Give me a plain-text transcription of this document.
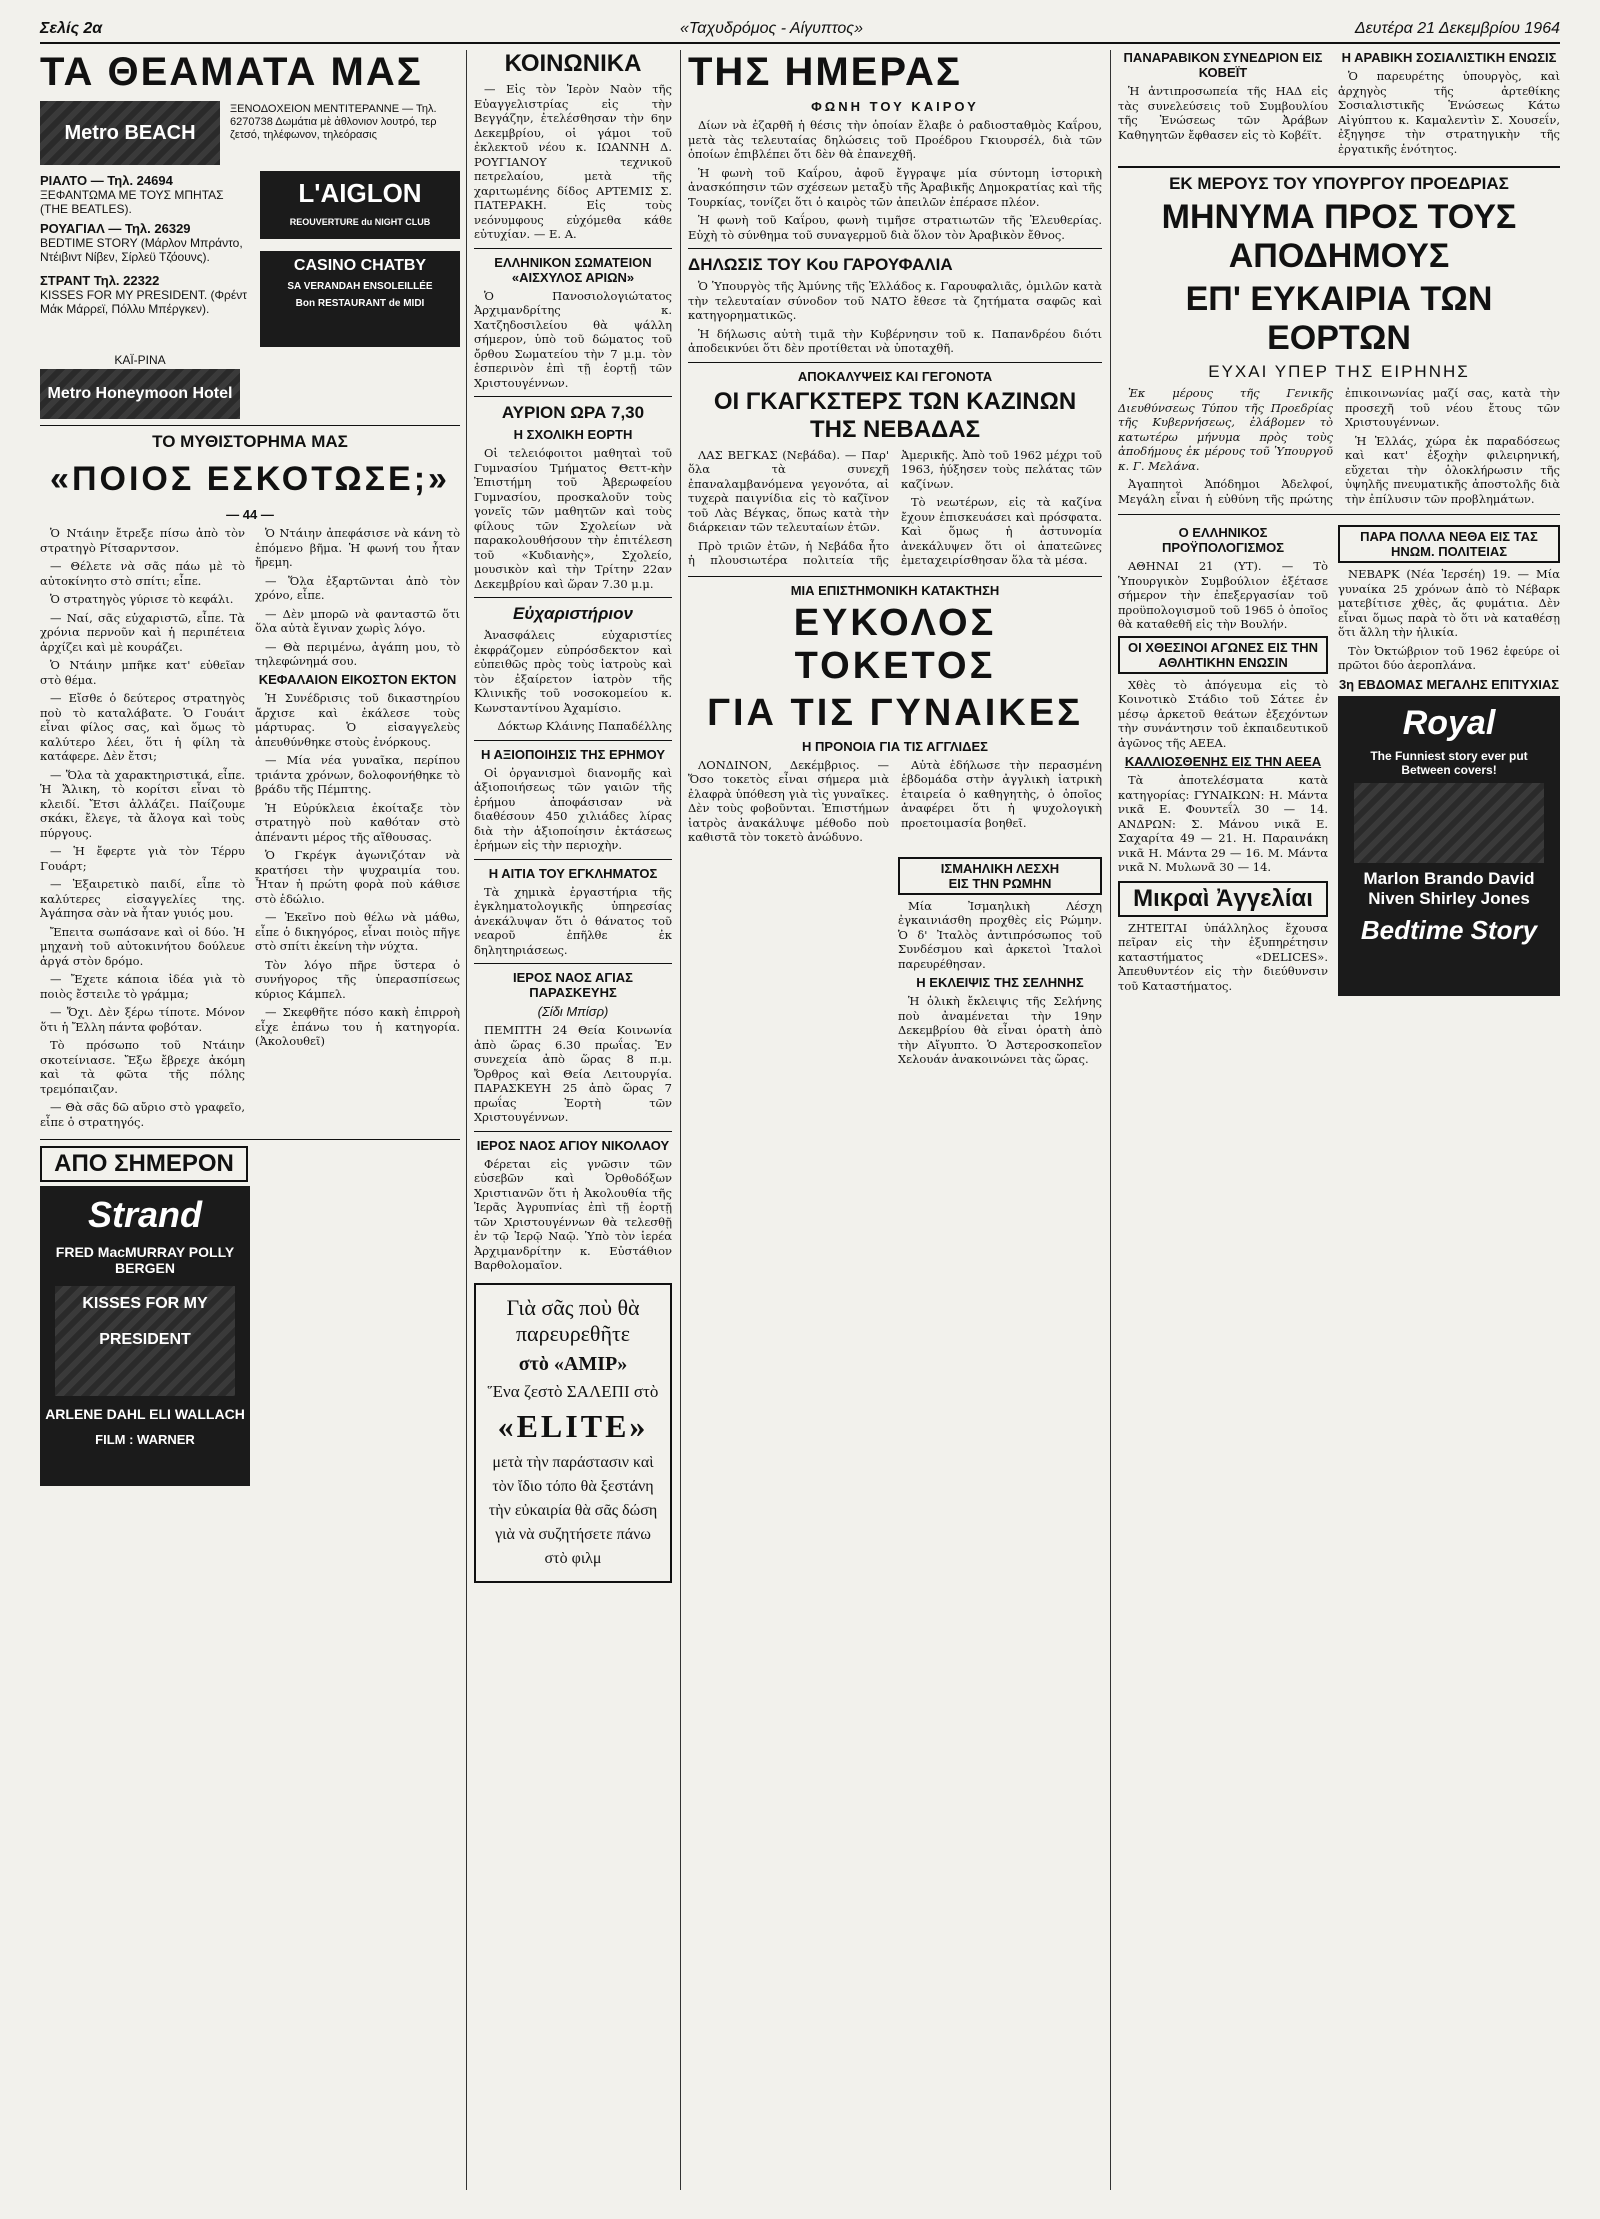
Σελίς 2α	«Ταχυδρόμος - Αίγυπτος»	Δευτέρα 21 Δεκεμβρίου 1964
ΤΑ ΘΕΑΜΑΤΑ ΜΑΣ
Metro BEACH
ΞΕΝΟΔΟΧΕΙΟΝ ΜΕΝΤΙΤΕΡΑΝΝΕ — Τηλ. 6270738 Δωμάτια μὲ ἀθλονιον λουτρό, τερ ζετσό, τηλέφωνον, τηλεόρασις
ΡΙΑΛΤΟ — Τηλ. 24694
ΞΕΦΑΝΤΩΜΑ ΜΕ ΤΟΥΣ ΜΠΗΤΑΣ (THE BEATLES).
L'AIGLON
REOUVERTURE du NIGHT CLUB
ΡΟΥΑΓΙΑΛ — Τηλ. 26329
BEDTIME STORY (Μάρλον Μπράντο, Ντέιβιντ Νίβεν, Σίρλεϋ Τζόουνς).
ΣΤΡΑΝΤ Τηλ. 22322
KISSES FOR MY PRESIDENT. (Φρέντ Μάκ Μάρρεϊ, Πόλλυ Μπέργκεν).
CASINO CHATBY
SA VERANDAH ENSOLEILLÉE
Bon RESTAURANT de MIDI
ΚΑΪ-ΡΙΝΑ
Metro Honeymoon Hotel
ΤΟ ΜΥΘΙΣΤΟΡΗΜΑ ΜΑΣ
«ΠΟΙΟΣ ΕΣΚΟΤΩΣΕ;»
— 44 —

Ὁ Ντάιην ἔτρεξε πίσω ἀπὸ τὸν στρατηγὸ Ρίτσαρντσον.

— Θέλετε νὰ σᾶς πάω μὲ τὸ αὐτοκίνητο στὸ σπίτι; εἶπε.

Ὁ στρατηγὸς γύρισε τὸ κεφάλι.

— Ναί, σᾶς εὐχαριστῶ, εἶπε. Τὰ χρόνια περνοῦν καὶ ἡ περιπέτεια ἀρχίζει καὶ μὲ κουράζει.

Ὁ Ντάιην μπῆκε κατ' εὐθεῖαν στὸ θέμα.

— Εἴσθε ὁ δεύτερος στρατηγὸς ποὺ τὸ καταλάβατε. Ὁ Γουάιτ εἶναι φίλος σας, καὶ ὅμως τὸ καλύτερο λέει, ὅτι ἡ φίλη τὰ κατάφερε. Δὲν ἔτσι;

— Ὅλα τὰ χαρακτηριστικά, εἶπε. Ἡ Ἄλικη, τὸ κορίτσι εἶναι τὸ κλειδί. Ἔτσι ἀλλάζει. Παίζουμε σκάκι, ἔλεγε, τὰ ἄλογα καὶ τοὺς πύργους.

— Ἡ ἔφερτε γιὰ τὸν Τέρρυ Γουάρτ;

— Ἐξαιρετικὸ παιδί, εἶπε τὸ καλύτερες εἰσαγγελίες της. Ἀγάπησα σὰν νὰ ἦταν γυιός μου.

Ἔπειτα σωπάσανε καὶ οἱ δύο. Ἡ μηχανὴ τοῦ αὐτοκινήτου δούλευε ἀργά στὸν δρόμο.

— Ἔχετε κάποια ἰδέα γιὰ τὸ ποιὸς ἔστειλε τὸ γράμμα;

— Ὄχι. Δὲν ξέρω τίποτε. Μόνον ὅτι ἡ Ἔλλη πάντα φοβόταν.

Τὸ πρόσωπο τοῦ Ντάιην σκοτείνιασε. Ἔξω ἔβρεχε ἀκόμη καὶ τὰ φῶτα τῆς πόλης τρεμόπαιζαν.

— Θὰ σᾶς δῶ αὔριο στὸ γραφεῖο, εἶπε ὁ στρατηγός.

Ὁ Ντάιην ἀπεφάσισε νὰ κάνη τὸ ἐπόμενο βῆμα. Ἡ φωνή του ἦταν ἤρεμη.

— Ὅλα ἐξαρτῶνται ἀπὸ τὸν χρόνο, εἶπε.

— Δὲν μπορῶ νὰ φανταστῶ ὅτι ὅλα αὐτὰ ἔγιναν χωρὶς λόγο.

— Θὰ περιμένω, ἀγάπη μου, τὸ τηλεφώνημά σου.

ΚΕΦΑΛΑΙΟΝ ΕΙΚΟΣΤΟΝ ΕΚΤΟΝ

Ἡ Συνέδρισις τοῦ δικαστηρίου ἄρχισε καὶ ἐκάλεσε τοὺς μάρτυρας. Ὁ εἰσαγγελεὺς ἀπευθύνθηκε στοὺς ἐνόρκους.

— Μία νέα γυναῖκα, περίπου τριάντα χρόνων, δολοφονήθηκε τὸ βράδυ τῆς Πέμπτης.

Ἡ Εὐρύκλεια ἐκοίταξε τὸν στρατηγὸ ποὺ καθόταν στὸ ἀπέναντι μέρος τῆς αἴθουσας.

Ὁ Γκρέγκ ἀγωνιζόταν νὰ κρατήσει τὴν ψυχραιμία του. Ἦταν ἡ πρώτη φορὰ ποὺ κάθισε στὸ ἑδώλιο.

— Ἐκεῖνο ποὺ θέλω νὰ μάθω, εἶπε ὁ δικηγόρος, εἶναι ποιὸς πῆγε στὸ σπίτι ἐκείνη τὴν νύχτα.

Τὸν λόγο πῆρε ὕστερα ὁ συνήγορος τῆς ὑπερασπίσεως κύριος Κάμπελ.

— Σκεφθῆτε πόσο κακὴ ἐπιρροὴ εἶχε ἐπάνω του ἡ κατηγορία. (Ἀκολουθεῖ)

ΑΠΟ ΣΗΜΕΡΟΝ
Strand
FRED MacMURRAY POLLY BERGEN
KISSES FOR MY PRESIDENT
ARLENE DAHL ELI WALLACH
FILM : WARNER
ΚΟΙΝΩΝΙΚΑ

— Εἰς τὸν Ἱερὸν Ναὸν τῆς Εὐαγγελιστρίας εἰς τὴν Βεγγάζην, ἐτελέσθησαν τὴν 6ην Δεκεμβρίου, οἱ γάμοι τοῦ ἐκλεκτοῦ νέου κ. ΙΩΑΝΝΗ Δ. ΡΟΥΓΙΑΝΟΥ τεχνικοῦ πετρελαίου, μετὰ τῆς χαριτωμένης δίδος ΑΡΤΕΜΙΣ Σ. ΠΑΤΕΡΑΚΗ. Εἰς τοὺς νεόνυμφους εὐχόμεθα κάθε εὐτυχίαν. — Ε. Α.

ΕΛΛΗΝΙΚΟΝ ΣΩΜΑΤΕΙΟΝ «ΑΙΣΧΥΛΟΣ ΑΡΙΩΝ»

Ὁ Πανοσιολογιώτατος Ἀρχιμανδρίτης κ. Χατζηδοσιλείου θὰ ψάλλη σήμερον, ὑπὸ τοῦ δώματος τοῦ ὄρθου Σωματείου τὴν 7 μ.μ. τὸν ἑσπερινὸν ἐπὶ τῇ ἑορτῇ τῶν Χριστουγέννων.

ΑΥΡΙΟΝ ΩΡΑ 7,30
Η ΣΧΟΛΙΚΗ ΕΟΡΤΗ

Οἱ τελειόφοιτοι μαθηταὶ τοῦ Γυμνασίου Τμήματος Θεττ-κὴν Ἐπιστήμη τοῦ Ἀβερωφείου Γυμνασίου, προσκαλοῦν τοὺς γονεῖς τῶν μαθητῶν καὶ τοὺς φίλους τῶν Σχολείων νὰ παρακολουθήσουν τὴν ἐπιτέλεση τοῦ «Κυδιανὴς», Σχολείο, μουσικὸν καὶ τὴν Τρίτην 22αν Δεκεμβρίου καὶ ὥραν 7.30 μ.μ.

Εὐχαριστήριον

Ἀνασφάλεις εὐχαριστίες ἐκφράζομεν εὐπρόσδεκτον καὶ εὐπειθῶς πρὸς τοὺς ἰατροὺς καὶ τὸν ἐξαίρετον ἰατρὸν τῆς Κλινικῆς τοῦ νοσοκομείου κ. Κωνσταντίνου Ἀχαμίσιο.

Δόκτωρ Κλάινης Παπαδέλλης

Η ΑΞΙΟΠΟΙΗΣΙΣ ΤΗΣ ΕΡΗΜΟΥ

Οἱ ὀργανισμοὶ διανομῆς καὶ ἀξιοποιήσεως τῶν γαιῶν τῆς ἐρήμου ἀποφάσισαν νὰ διαθέσουν 450 χιλιάδες λίρας διὰ τὴν ἀξιοποίησιν ἐκτάσεως ἐρήμων εἰς τὴν περιοχὴν.

Η ΑΙΤΙΑ ΤΟΥ ΕΓΚΛΗΜΑΤΟΣ

Τὰ χημικὰ ἐργαστήρια τῆς ἐγκληματολογικῆς ὑπηρεσίας ἀνεκάλυψαν ὅτι ὁ θάνατος τοῦ νεαροῦ ἐπῆλθε ἐκ δηλητηριάσεως.

ΙΕΡΟΣ ΝΑΟΣ ΑΓΙΑΣ ΠΑΡΑΣΚΕΥΗΣ
(Σίδι Μπίσρ)

ΠΕΜΠΤΗ 24 Θεία Κοινωνία ἀπὸ ὥρας 6.30 πρωΐας. Ἐν συνεχεία ἀπὸ ὥρας 8 π.μ. Ὄρθρος καὶ Θεία Λειτουργία. ΠΑΡΑΣΚΕΥΗ 25 ἀπὸ ὥρας 7 πρωΐας Ἑορτὴ τῶν Χριστουγέννων.

ΙΕΡΟΣ ΝΑΟΣ ΑΓΙΟΥ ΝΙΚΟΛΑΟΥ

Φέρεται εἰς γνῶσιν τῶν εὐσεβῶν καὶ Ὀρθοδόξων Χριστιανῶν ὅτι ἡ Ἀκολουθία τῆς Ἱερᾶς Ἀγρυπνίας ἐπὶ τῇ ἑορτῇ τῶν Χριστουγέννων θὰ τελεσθῇ ἐν τῷ Ἱερῷ Ναῷ. Ὑπὸ τὸν ἱερέα Ἀρχιμανδρίτην κ. Εὐστάθιον Βαρθολομαῖον.

Γιὰ σᾶς ποὺ θὰ παρευρεθῆτε
στὸ «ΑΜΙΡ»
Ἕνα ζεστὸ ΣΑΛΕΠΙ στὸ
«ELITE»
μετὰ τὴν παράστασιν καὶ τὸν ἴδιο τόπο θὰ ξεστάνη τὴν εὐκαιρία θὰ σᾶς δώση γιὰ νὰ συζητήσετε πάνω στὸ φιλμ
ΤΗΣ ΗΜΕΡΑΣ
ΦΩΝΗ ΤΟΥ ΚΑΙΡΟΥ

Δίων νὰ ἐζαρθῆ ἡ θέσις τὴν ὁποίαν ἔλαβε ὁ ραδιοσταθμὸς Καΐρου, μετὰ τὰς τελευταίας δηλώσεις τοῦ Προέδρου Γκιουρσέλ, διὰ τῶν ὁποίων ἐπιβλέπει ὅτι δὲν θὰ ἐπανεχθῆ.

Ἡ φωνὴ τοῦ Καΐρου, ἀφοῦ ἔγγραψε μία σύντομη ἱστορικὴ ἀνασκόπησιν τῶν σχέσεων μεταξὺ τῆς Ἀραβικῆς Δημοκρατίας καὶ τῆς Τουρκίας, τονίζει ὅτι ὁ καιρὸς τῶν ἀπειλῶν ἐπέρασε πλέον.

Ἡ φωνὴ τοῦ Καΐρου, φωνὴ τιμῆσε στρατιωτῶν τῆς Ἐλευθερίας. Εὐχὴ τὸ σύνθημα τοῦ συναγερμοῦ διὰ ὅλον τὸν Ἀραβικὸν ἔθνος.

ΔΗΛΩΣΙΣ ΤΟΥ Κου ΓΑΡΟΥΦΑΛΙΑ

Ὁ Ὑπουργὸς τῆς Ἀμύνης τῆς Ἑλλάδος κ. Γαρουφαλιᾶς, ὁμιλῶν κατὰ τὴν τελευταίαν σύνοδον τοῦ ΝΑΤΟ ἔθεσε τὰ ζητήματα σαφῶς καὶ κατηγορηματικῶς.

Ἡ δήλωσις αὐτὴ τιμᾶ τὴν Κυβέρνησιν τοῦ κ. Παπανδρέου διότι ἀποδεικνύει ὅτι δὲν προτίθεται νὰ ὑποταχθῆ.

ΑΠΟΚΑΛΥΨΕΙΣ ΚΑΙ ΓΕΓΟΝΟΤΑ
ΟΙ ΓΚΑΓΚΣΤΕΡΣ ΤΩΝ ΚΑΖΙΝΩΝ ΤΗΣ ΝΕΒΑΔΑΣ

ΛΑΣ ΒΕΓΚΑΣ (Νεβάδα). — Παρ' ὅλα τὰ συνεχῆ ἐπαναλαμβανόμενα γεγονότα, αἱ τυχερὰ παιγνίδια εἰς τὸ καζῖνον τοῦ Λὰς Βέγκας, ὅπως κατὰ τὴν διάρκειαν τῶν τελευταίων ἐτῶν.

Πρὸ τριῶν ἐτῶν, ἡ Νεβάδα ἦτο ἡ πλουσιωτέρα πολιτεία τῆς Ἀμερικῆς. Ἀπὸ τοῦ 1962 μέχρι τοῦ 1963, ἠύξησεν τοὺς πελάτας τῶν καζίνων.

Τὸ νεωτέρων, εἰς τὰ καζίνα ἔχουν ἐπισκευάσει καὶ πρόσφατα. Καὶ ὅμως ἡ ἀστυνομία ἀνεκάλυψεν ὅτι οἱ ἀπατεῶνες ἐμεταχειρίσθησαν ὅλα τὰ μέσα.

ΜΙΑ ΕΠΙΣΤΗΜΟΝΙΚΗ ΚΑΤΑΚΤΗΣΗ
ΕΥΚΟΛΟΣ ΤΟΚΕΤΟΣ
ΓΙΑ ΤΙΣ ΓΥΝΑΙΚΕΣ
Η ΠΡΟΝΟΙΑ ΓΙΑ ΤΙΣ ΑΓΓΛΙΔΕΣ

ΛΟΝΔΙΝΟΝ, Δεκέμβριος. — Ὅσο τοκετὸς εἶναι σήμερα μιὰ ἐλαφρὰ ὑπόθεση γιὰ τὶς γυναῖκες. Δὲν τοὺς φοβοῦνται. Ἐπιστήμων ἰατρὸς ἀνακάλυψε μέθοδο ποὺ καθιστᾶ τὸν τοκετὸ ἀνώδυνο.

Αὐτὰ ἐδήλωσε τὴν περασμένη ἑβδομάδα στὴν ἀγγλικὴ ἰατρικὴ ἑταιρεία ὁ καθηγητὴς, ὁ ὁποῖος ἀναφέρει ὅτι ἡ ψυχολογικὴ προετοιμασία βοηθεῖ.

ΙΣΜΑΗΛΙΚΗ ΛΕΣΧΗ
ΕΙΣ ΤΗΝ ΡΩΜΗΝ

Μία Ἰσμαηλικὴ Λέσχη ἐγκαινιάσθη προχθὲς εἰς Ρώμην. Ὁ δ' Ἰταλὸς ἀντιπρόσωπος τοῦ Συνδέσμου καὶ ἀρκετοὶ Ἰταλοὶ παρευρέθησαν.

Η ΕΚΛΕΙΨΙΣ ΤΗΣ ΣΕΛΗΝΗΣ

Ἡ ὁλικὴ ἔκλειψις τῆς Σελήνης ποὺ ἀναμένεται τὴν 19ην Δεκεμβρίου θὰ εἶναι ὁρατὴ ἀπὸ τὴν Αἴγυπτο. Ὁ Ἀστεροσκοπεῖον Χελουάν ἀνακοινώνει τὰς ὥρας.

ΠΑΝΑΡΑΒΙΚΟΝ ΣΥΝΕΔΡΙΟΝ ΕΙΣ ΚΟΒΕΪΤ

Ἡ ἀντιπροσωπεία τῆς ΗΑΔ εἰς τὰς συνελεύσεις τοῦ Συμβουλίου τῆς Ἑνώσεως τῶν Ἀράβων Καθηγητῶν ἔφθασεν εἰς τὸ Κοβέϊτ.

Η ΑΡΑΒΙΚΗ ΣΟΣΙΑΛΙΣΤΙΚΗ ΕΝΩΣΙΣ

Ὁ παρευρέτης ὑπουργὸς, καὶ ἀρχηγὸς τῆς ἀρτεθίκης Σοσιαλιστικῆς Ἑνώσεως Κάτω Αἰγύπτου κ. Καμαλεντὶν Σ. Χουσεΐν, ἐξηγησε τὴν στρατηγικὴν τῆς ἐργατικῆς ἑνότητος.

ΕΚ ΜΕΡΟΥΣ ΤΟΥ ΥΠΟΥΡΓΟΥ ΠΡΟΕΔΡΙΑΣ
ΜΗΝΥΜΑ ΠΡΟΣ ΤΟΥΣ ΑΠΟΔΗΜΟΥΣ
ΕΠ' ΕΥΚΑΙΡΙΑ ΤΩΝ ΕΟΡΤΩΝ
ΕΥΧΑΙ ΥΠΕΡ ΤΗΣ ΕΙΡΗΝΗΣ

Ἐκ μέρους τῆς Γενικῆς Διευθύνσεως Τύπου τῆς Προεδρίας τῆς Κυβερνήσεως, ἐλάβομεν τὸ κατωτέρω μήνυμα πρὸς τοὺς ἀποδήμους ἐκ μέρους τοῦ Ὑπουργοῦ κ. Γ. Μελάνα.

Ἀγαπητοὶ Ἀπόδημοι Ἀδελφοί, Μεγάλη εἶναι ἡ εὐθύνη τῆς πρώτης ἐπικοινωνίας μαζί σας, κατὰ τὴν προσεχῆ τοῦ νέου ἔτους τῶν Χριστουγέννων.

Ἡ Ἑλλάς, χώρα ἐκ παραδόσεως καὶ κατ' ἐξοχὴν φιλειρηνική, εὔχεται τὴν ὁλοκλήρωσιν τῆς ὑψηλῆς πνευματικῆς ἀποστολῆς διὰ τὴν ἐπίλυσιν τῶν προβλημάτων.

Ο ΕΛΛΗΝΙΚΟΣ ΠΡΟΫΠΟΛΟΓΙΣΜΟΣ

ΑΘΗΝΑΙ 21 (ΥΤ). — Τὸ Ὑπουργικὸν Συμβούλιον ἐξέτασε σήμερον τὴν ἐπεξεργασίαν τοῦ προϋπολογισμοῦ τοῦ 1965 ὁ ὁποῖος θὰ καταθεθῆ εἰς τὴν Βουλήν.

ΟΙ ΧΘΕΣΙΝΟΙ ΑΓΩΝΕΣ ΕΙΣ ΤΗΝ ΑΘΛΗΤΙΚΗΝ ΕΝΩΣΙΝ

Χθὲς τὸ ἀπόγευμα εἰς τὸ Κοινοτικὸ Στάδιο τοῦ Σάτεε ἐν μέσῳ ἀρκετοῦ θεάτων ἐξεχόντων τὴν συνάντησιν τοῦ ἐκπαιδευτικοῦ ἀγῶνος τῆς ΑΕΕΑ.

ΚΑΛΛΙΟΣΘΕΝΗΣ ΕΙΣ ΤΗΝ ΑΕΕΑ

Τὰ ἀποτελέσματα κατὰ κατηγορίας: ΓΥΝΑΙΚΩΝ: Η. Μάντα νικᾶ Ε. Φουντεΐλ 30 — 14. ΑΝΔΡΩΝ: Σ. Μάνου νικᾶ Ε. Σαχαρίτα 49 — 21. Η. Παραινάκη νικᾶ Η. Μάντα 29 — 16. Μ. Μάντα νικᾶ Ν. Μυλωνᾶ 30 — 14.

Μικραὶ Ἀγγελίαι

ΖΗΤΕΙΤΑΙ ὑπάλληλος ἔχουσα πεῖραν εἰς τὴν ἐξυπηρέτησιν καταστήματος «DELICES». Ἀπευθυντέον εἰς τὴν διεύθυνσιν τοῦ Καταστήματος.

ΠΑΡΑ ΠΟΛΛΑ ΝΕΘΑ ΕΙΣ ΤΑΣ ΗΝΩΜ. ΠΟΛΙΤΕΙΑΣ

ΝΕΒΑΡΚ (Νέα Ἰερσέη) 19. — Μία γυναίκα 25 χρόνων ἀπὸ τὸ Νέβαρκ ματεβίτισε χθὲς, ἄς φυμάτια. Δὲν εἶναι ὅμως παρὰ τὸ ὅτι νὰ καταθέσῃ ὅτι ἄλλη τὴν ἡλικία.

Τὸν Ὀκτώβριον τοῦ 1962 ἐφεύρε οἱ πρῶτοι δύο ἀεροπλάνα.

3η ΕΒΔΟΜΑΣ ΜΕΓΑΛΗΣ ΕΠΙΤΥΧΙΑΣ
Royal
The Funniest story ever put Between covers!
Marlon Brando David Niven Shirley Jones
Bedtime Story
